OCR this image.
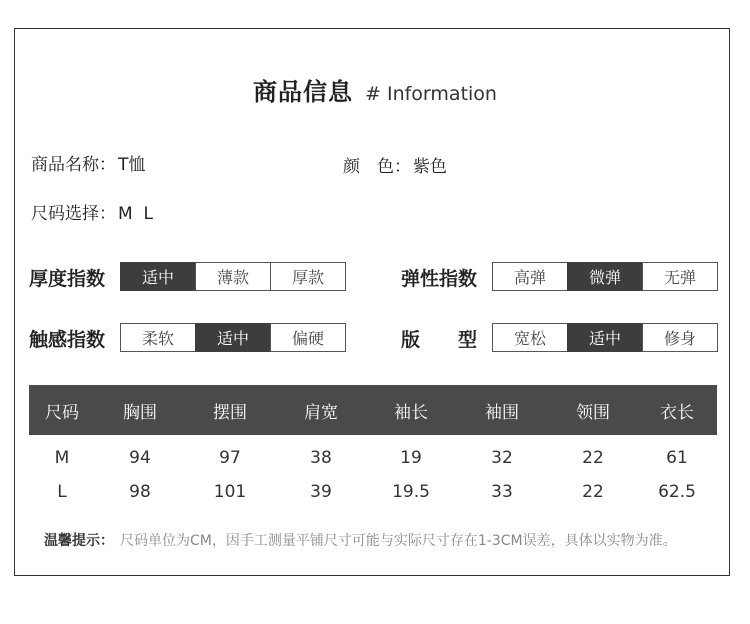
商品信息 # Information
商品名称： T恤	颜　色： 紫色
尺码选择： M  L
厚度指数	适中	薄款	厚款	弹性指数	高弹	微弹	无弹
触感指数	柔软	适中	偏硬	版　　型	宽松	适中	修身
尺码	胸围	摆围	肩宽	袖长	袖围	领围	衣长
M	94	97	38	19	32	22	61
L	98	101	39	19.5	33	22	62.5
温馨提示： 尺码单位为CM，因手工测量平铺尺寸可能与实际尺寸存在1-3CM误差，具体以实物为准。
